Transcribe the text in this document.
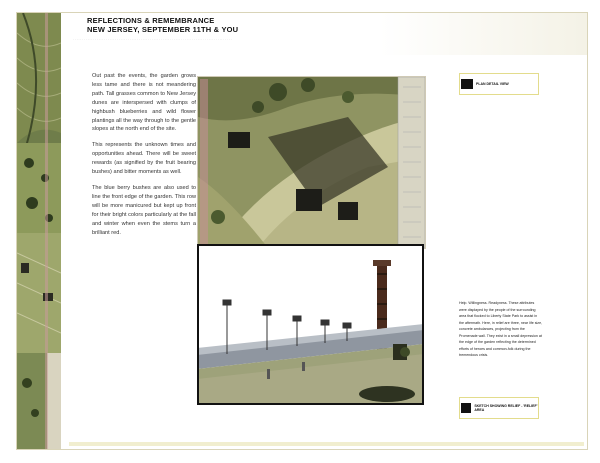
REFLECTIONS & REMEMBRANCE
NEW JERSEY, SEPTEMBER 11TH & YOU
· · · · · · · · · · · · · · · · · · · · · · · · · · · · · · · · · · · · · · · · · · · · · · · · · · · · · · · · · · · · · · · · · · · · · · · · · · · · · · · · · · · · · · ·

Out past the events, the garden grows less tame and there is not meandering path. Tall grasses common to New Jersey dunes are interspersed with clumps of highbush blueberries and wild flower plantings all the way through to the gentle slopes at the north end of the site.

This represents the unknown times and opportunities ahead. There will be sweet rewards (as signified by the fruit bearing bushes) and bitter moments as well.

The blue berry bushes are also used to line the front edge of the garden. This row will be more manicured but kept up front for their bright colors particularly at the fall and winter when even the stems turn a brilliant red.

PLAN DETAIL VIEW
Help. Willingness. Readyness. These attributes were displayed by the people of the surrounding area that flocked to Liberty State Park to assist in the aftermath. Here, in relief are three, near life size, concrete ambulances, projecting from the Promenade wall. They exist in a small depression at the edge of the garden reflecting the determined efforts of heroes and common-folk during the tremendous crisis.
SKETCH SHOWING RELIEF - 'RELIEF' AREA
